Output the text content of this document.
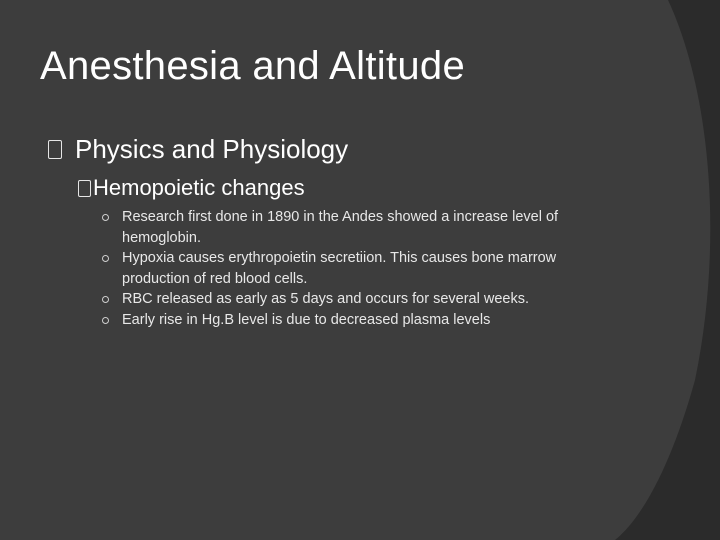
Anesthesia and Altitude
Physics and Physiology
Hemopoietic changes
Research first done in 1890 in the Andes showed a increase level of hemoglobin.
Hypoxia causes erythropoietin secretiion. This causes bone marrow production of red blood cells.
RBC released as early as 5 days and occurs for several weeks.
Early rise in Hg.B level is due to decreased plasma levels
